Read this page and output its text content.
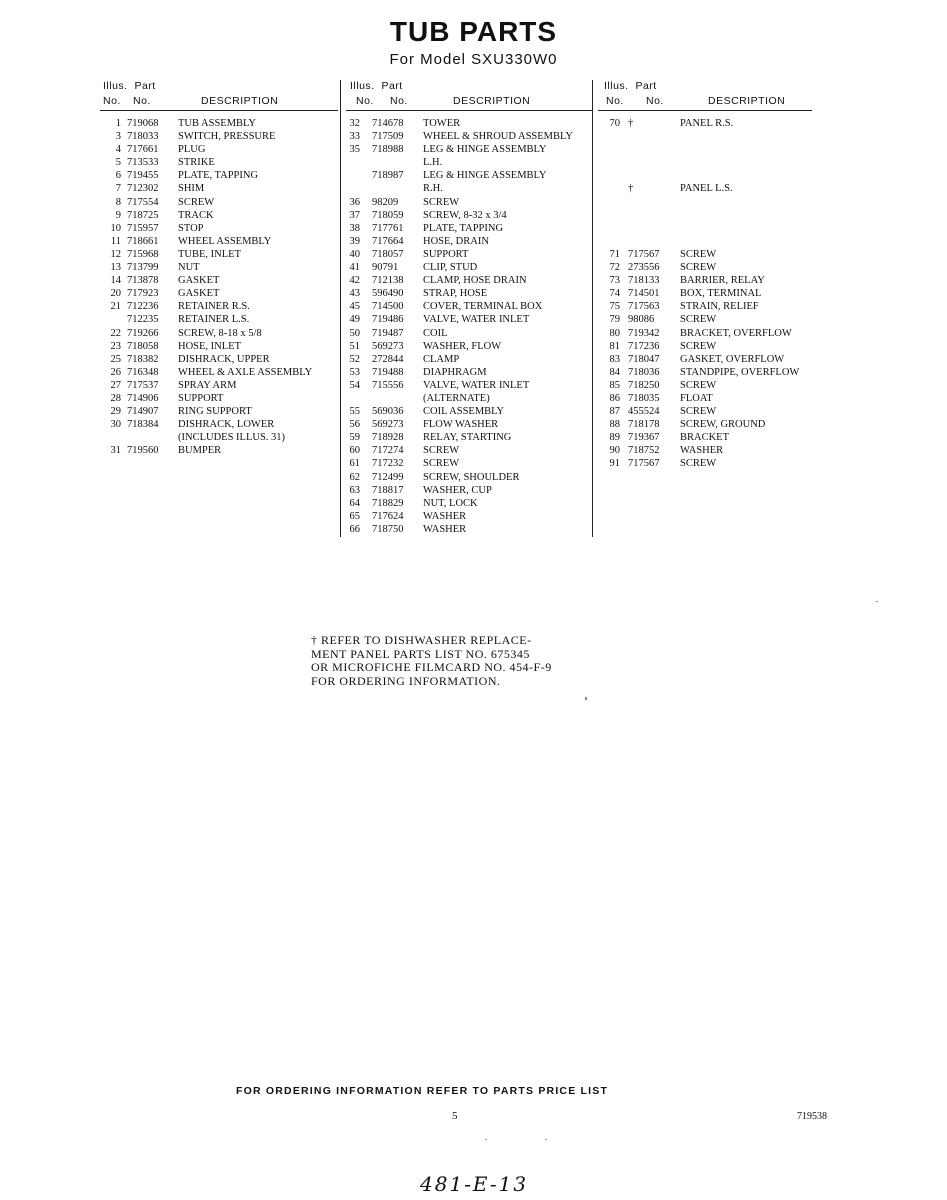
TUB PARTS
For Model SXU330W0
Illus. Part
No. No.	DESCRIPTION
1 719068 TUB ASSEMBLY
3 718033 SWITCH, PRESSURE
4 717661 PLUG
5 713533 STRIKE
6 719455 PLATE, TAPPING
7 712302 SHIM
8 717554 SCREW
9 718725 TRACK
10 715957 STOP
11 718661 WHEEL ASSEMBLY
12 715968 TUBE, INLET
13 713799 NUT
14 713878 GASKET
20 717923 GASKET
21 712236 RETAINER R.S.
712235 RETAINER L.S.
22 719266 SCREW, 8-18 x 5/8
23 718058 HOSE, INLET
25 718382 DISHRACK, UPPER
26 716348 WHEEL & AXLE ASSEMBLY
27 717537 SPRAY ARM
28 714906 SUPPORT
29 714907 RING SUPPORT
30 718384 DISHRACK, LOWER
(INCLUDES ILLUS. 31)
31 719560 BUMPER
Illus. Part
No. No.	DESCRIPTION
32 714678 TOWER
33 717509 WHEEL & SHROUD ASSEMBLY
35 718988 LEG & HINGE ASSEMBLY
L.H.
718987 LEG & HINGE ASSEMBLY
R.H.
36 98209 SCREW
37 718059 SCREW, 8-32 x 3/4
38 717761 PLATE, TAPPING
39 717664 HOSE, DRAIN
40 718057 SUPPORT
41 90791 CLIP, STUD
42 712138 CLAMP, HOSE DRAIN
43 596490 STRAP, HOSE
45 714500 COVER, TERMINAL BOX
49 719486 VALVE, WATER INLET
50 719487 COIL
51 569273 WASHER, FLOW
52 272844 CLAMP
53 719488 DIAPHRAGM
54 715556 VALVE, WATER INLET
(ALTERNATE)
55 569036 COIL ASSEMBLY
56 569273 FLOW WASHER
59 718928 RELAY, STARTING
60 717274 SCREW
61 717232 SCREW
62 712499 SCREW, SHOULDER
63 718817 WASHER, CUP
64 718829 NUT, LOCK
65 717624 WASHER
66 718750 WASHER
Illus. Part
No. No.	DESCRIPTION
70 †	PANEL R.S.
†	PANEL L.S.
71 717567 SCREW
72 273556 SCREW
73 718133 BARRIER, RELAY
74 714501 BOX, TERMINAL
75 717563 STRAIN, RELIEF
79 98086 SCREW
80 719342 BRACKET, OVERFLOW
81 717236 SCREW
83 718047 GASKET, OVERFLOW
84 718036 STANDPIPE, OVERFLOW
85 718250 SCREW
86 718035 FLOAT
87 455524 SCREW
88 718178 SCREW, GROUND
89 719367 BRACKET
90 718752 WASHER
91 717567 SCREW
† REFER TO DISHWASHER REPLACE-
MENT PANEL PARTS LIST NO. 675345
OR MICROFICHE FILMCARD NO. 454-F-9
FOR ORDERING INFORMATION.
FOR ORDERING INFORMATION REFER TO PARTS PRICE LIST
5	719538
481-E-13
